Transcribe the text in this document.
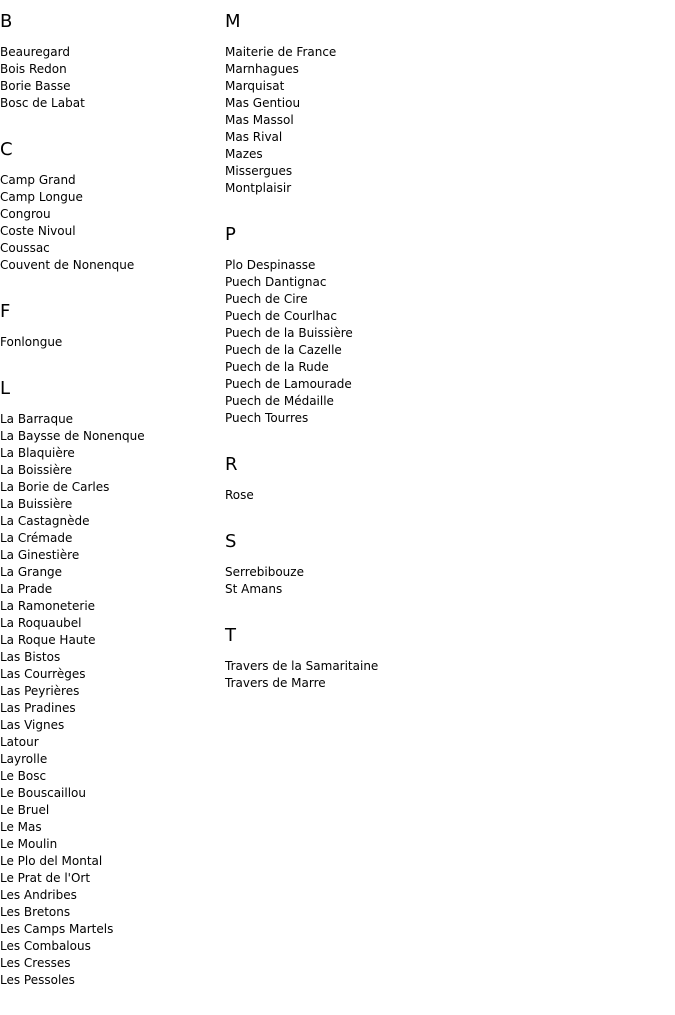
B
Beauregard
Bois Redon
Borie Basse
Bosc de Labat
C
Camp Grand
Camp Longue
Congrou
Coste Nivoul
Coussac
Couvent de Nonenque
F
Fonlongue
L
La Barraque
La Baysse de Nonenque
La Blaquière
La Boissière
La Borie de Carles
La Buissière
La Castagnède
La Crémade
La Ginestière
La Grange
La Prade
La Ramoneterie
La Roquaubel
La Roque Haute
Las Bistos
Las Courrèges
Las Peyrières
Las Pradines
Las Vignes
Latour
Layrolle
Le Bosc
Le Bouscaillou
Le Bruel
Le Mas
Le Moulin
Le Plo del Montal
Le Prat de l'Ort
Les Andribes
Les Bretons
Les Camps Martels
Les Combalous
Les Cresses
Les Pessoles
M
Maiterie de France
Marnhagues
Marquisat
Mas Gentiou
Mas Massol
Mas Rival
Mazes
Missergues
Montplaisir
P
Plo Despinasse
Puech Dantignac
Puech de Cire
Puech de Courlhac
Puech de la Buissière
Puech de la Cazelle
Puech de la Rude
Puech de Lamourade
Puech de Médaille
Puech Tourres
R
Rose
S
Serrebibouze
St Amans
T
Travers de la Samaritaine
Travers de Marre
